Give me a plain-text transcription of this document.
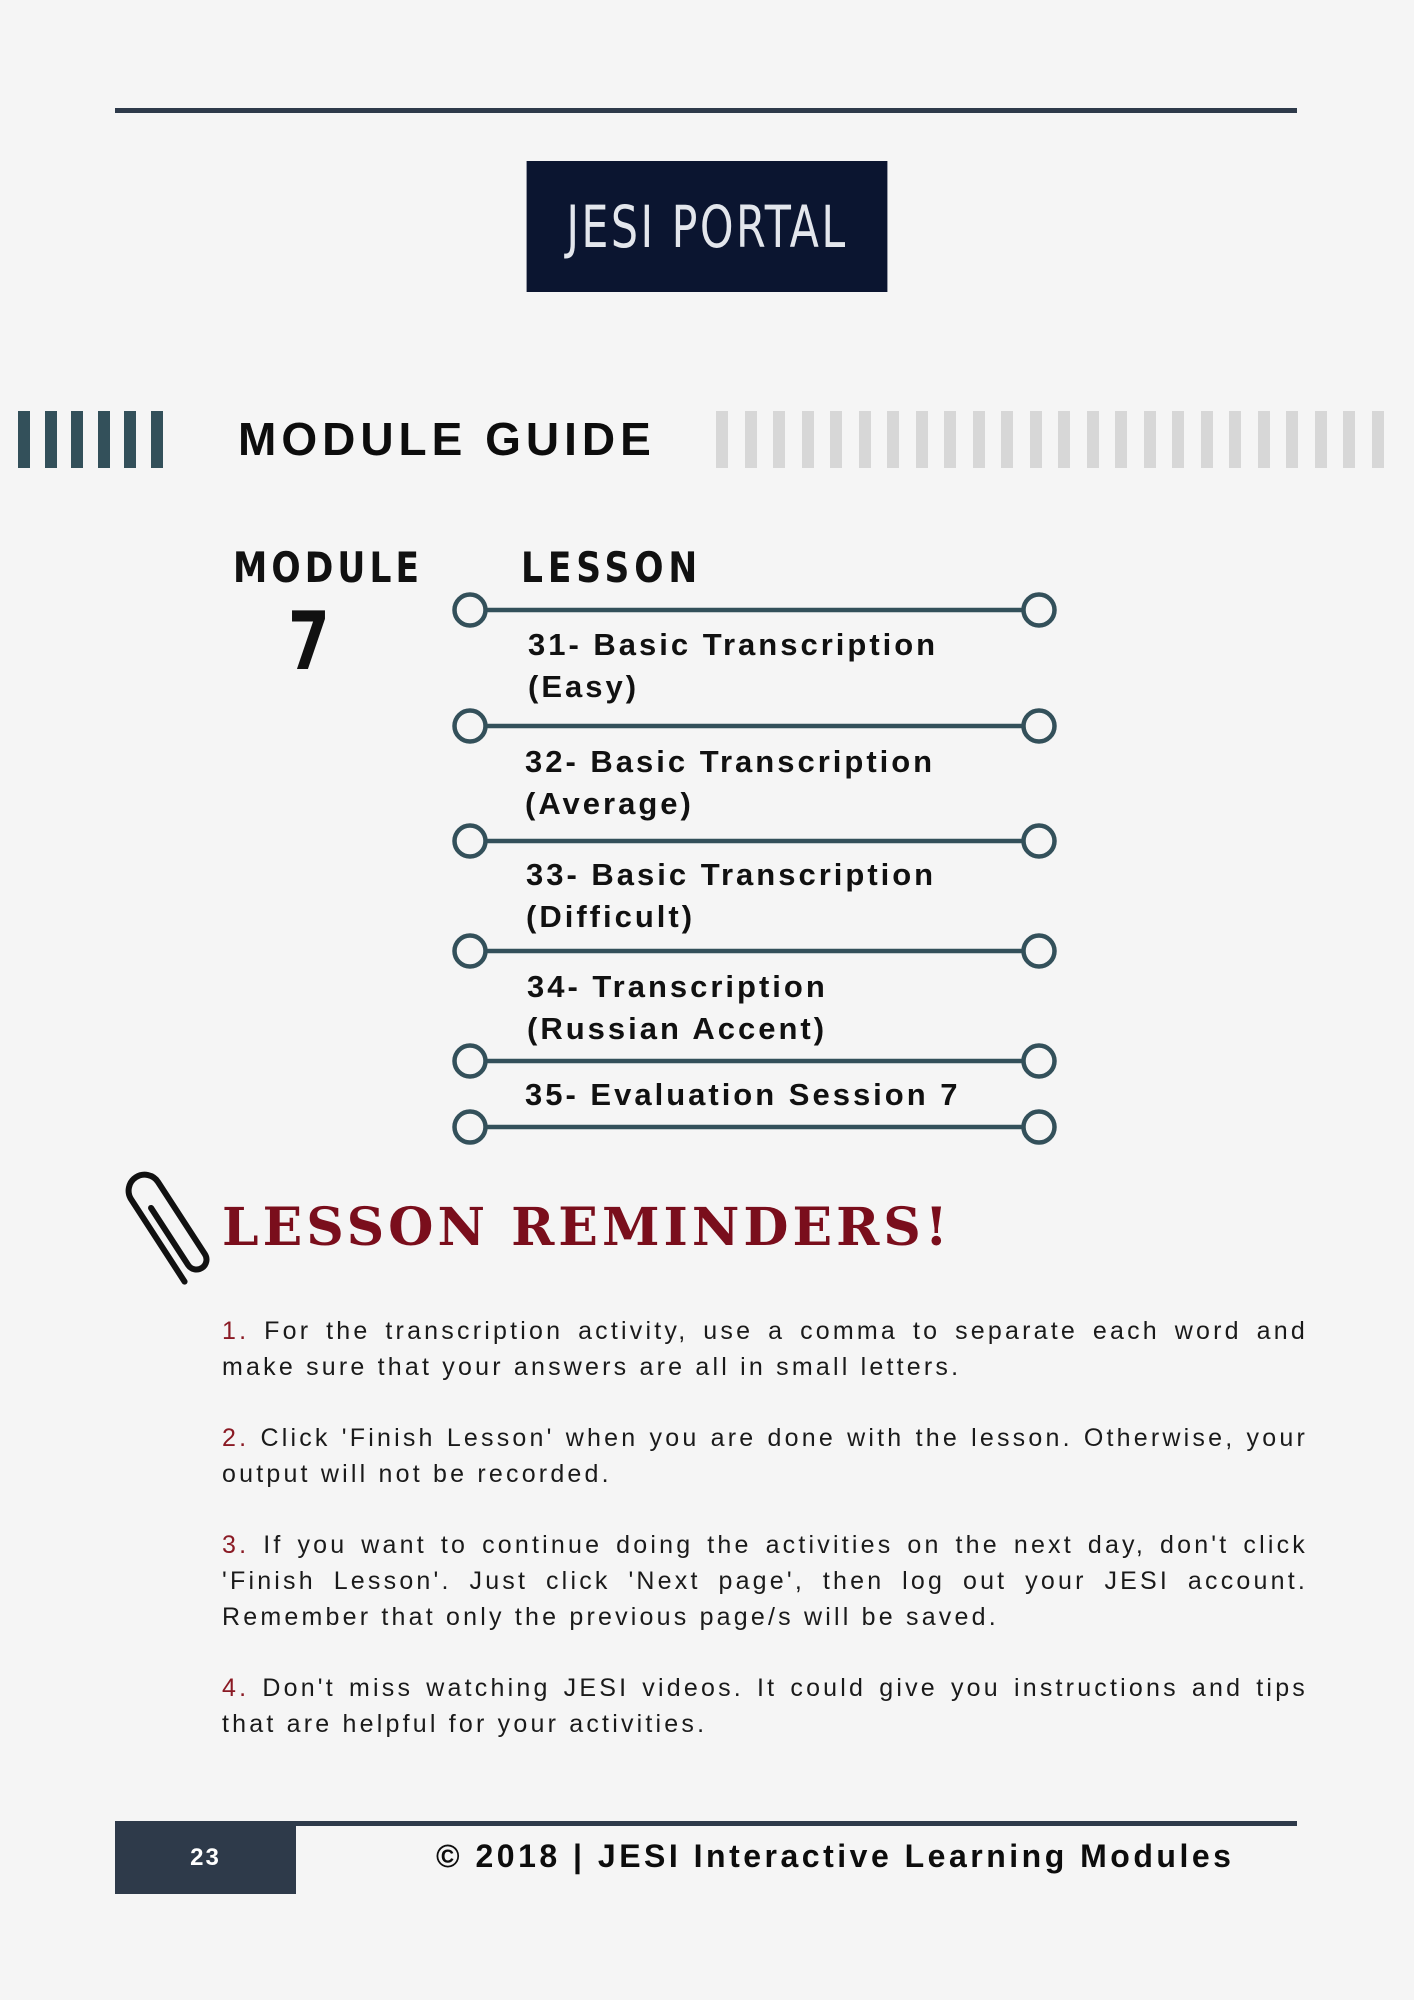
JESI PORTAL
MODULE GUIDE
MODULE
7
LESSON
31- Basic Transcription
(Easy)
32- Basic Transcription
(Average)
33- Basic Transcription
(Difficult)
34- Transcription
(Russian Accent)
35- Evaluation Session 7
LESSON REMINDERS!
1. For the transcription activity, use a comma to separate each word and make sure that your answers are all in small letters.
2. Click 'Finish Lesson' when you are done with the lesson. Otherwise, your output will not be recorded.
3. If you want to continue doing the activities on the next day, don't click 'Finish Lesson'. Just click 'Next page', then log out your JESI account. Remember that only the previous page/s will be saved.
4. Don't miss watching JESI videos. It could give you instructions and tips that are helpful for your activities.
23	© 2018 | JESI Interactive Learning Modules
